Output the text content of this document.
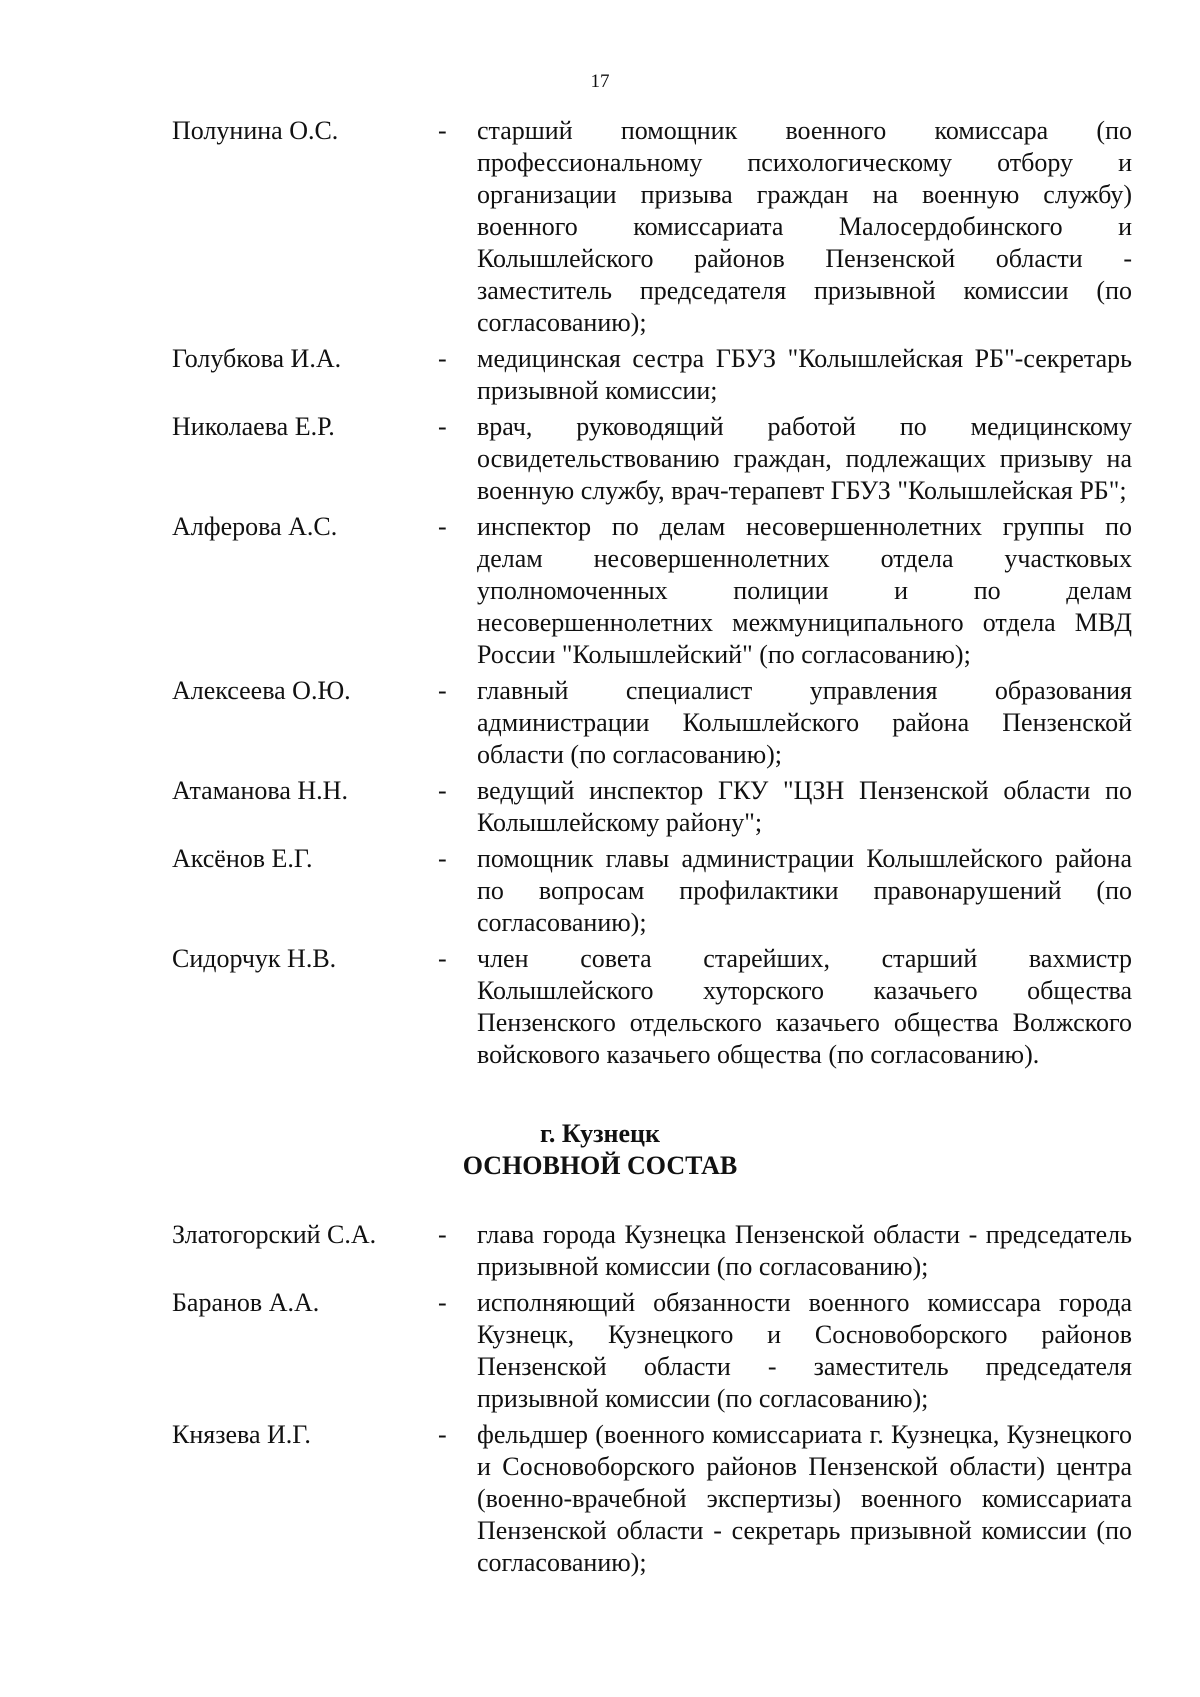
17
Полунина О.С.	-	старший помощник военного комиссара (по профессиональному психологическому отбору и организации призыва граждан на военную службу) военного комиссариата Малосердобинского и Колышлейского районов Пензенской области - заместитель председателя призывной комиссии (по согласованию);
Голубкова И.А.	-	медицинская сестра ГБУЗ "Колышлейская РБ"-секретарь призывной комиссии;
Николаева Е.Р.	-	врач, руководящий работой по медицинскому освидетельствованию граждан, подлежащих призыву на военную службу, врач-терапевт ГБУЗ "Колышлейская РБ";
Алферова А.С.	-	инспектор по делам несовершеннолетних группы по делам несовершеннолетних отдела участковых уполномоченных полиции и по делам несовершеннолетних межмуниципального отдела МВД России "Колышлейский" (по согласованию);
Алексеева О.Ю.	-	главный специалист управления образования администрации Колышлейского района Пензенской области (по согласованию);
Атаманова Н.Н.	-	ведущий инспектор ГКУ "ЦЗН Пензенской области по Колышлейскому району";
Аксёнов Е.Г.	-	помощник главы администрации Колышлейского района по вопросам профилактики правонарушений (по согласованию);
Сидорчук Н.В.	-	член совета старейших, старший вахмистр Колышлейского хуторского казачьего общества Пензенского отдельского казачьего общества Волжского войскового казачьего общества (по согласованию).
г. Кузнецк
ОСНОВНОЙ СОСТАВ
Златогорский С.А.	-	глава города Кузнецка Пензенской области - председатель призывной комиссии (по согласованию);
Баранов А.А.	-	исполняющий обязанности военного комиссара города Кузнецк, Кузнецкого и Сосновоборского районов Пензенской области - заместитель председателя призывной комиссии (по согласованию);
Князева И.Г.	-	фельдшер (военного комиссариата г. Кузнецка, Кузнецкого и Сосновоборского районов Пензенской области) центра (военно-врачебной экспертизы) военного комиссариата Пензенской области - секретарь призывной комиссии (по согласованию);
